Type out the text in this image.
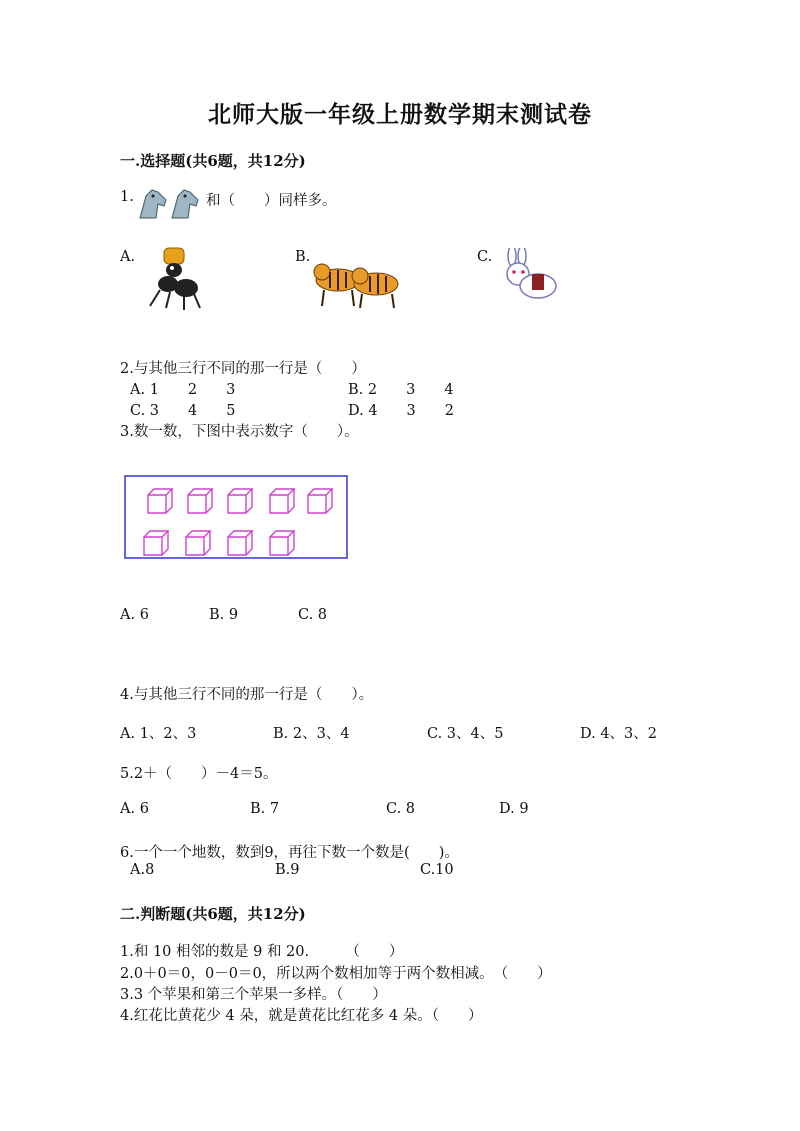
北师大版一年级上册数学期末测试卷
一.选择题(共6题，共12分)
1.	和（　　）同样多。
A.	B.	C.
2.与其他三行不同的那一行是（　　）
A. 1　　2　　3	B. 2　　3　　4
C. 3　　4　　5	D. 4　　3　　2
3.数一数，下图中表示数字（　　）。
A. 6	B. 9	C. 8
4.与其他三行不同的那一行是（　　）。
A. 1、2、3	B. 2、3、4	C. 3、4、5	D. 4、3、2
5.2＋（　　）－4＝5。
A. 6	B. 7	C. 8	D. 9
6.一个一个地数，数到9，再往下数一个数是(　　)。
A.8	B.9	C.10
二.判断题(共6题，共12分)
1.和 10 相邻的数是 9 和 20.　　　（　　）
2.0＋0＝0，0－0＝0，所以两个数相加等于两个数相减。　（　　）
3.3 个苹果和第三个苹果一多样。（　　）
4.红花比黄花少 4 朵，就是黄花比红花多 4 朵。（　　）
